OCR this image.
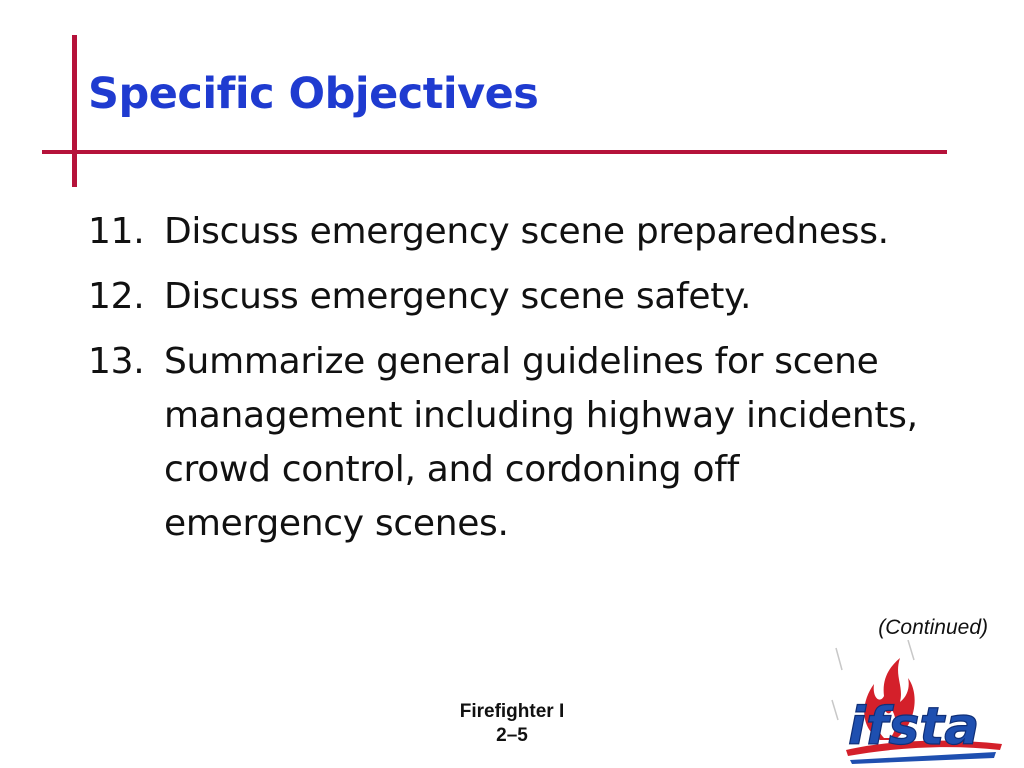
Specific Objectives
11. Discuss emergency scene preparedness.
12. Discuss emergency scene safety.
13. Summarize general guidelines for scene management including highway incidents, crowd control, and cordoning off emergency scenes.
(Continued)
Firefighter I
2–5	ifsta
